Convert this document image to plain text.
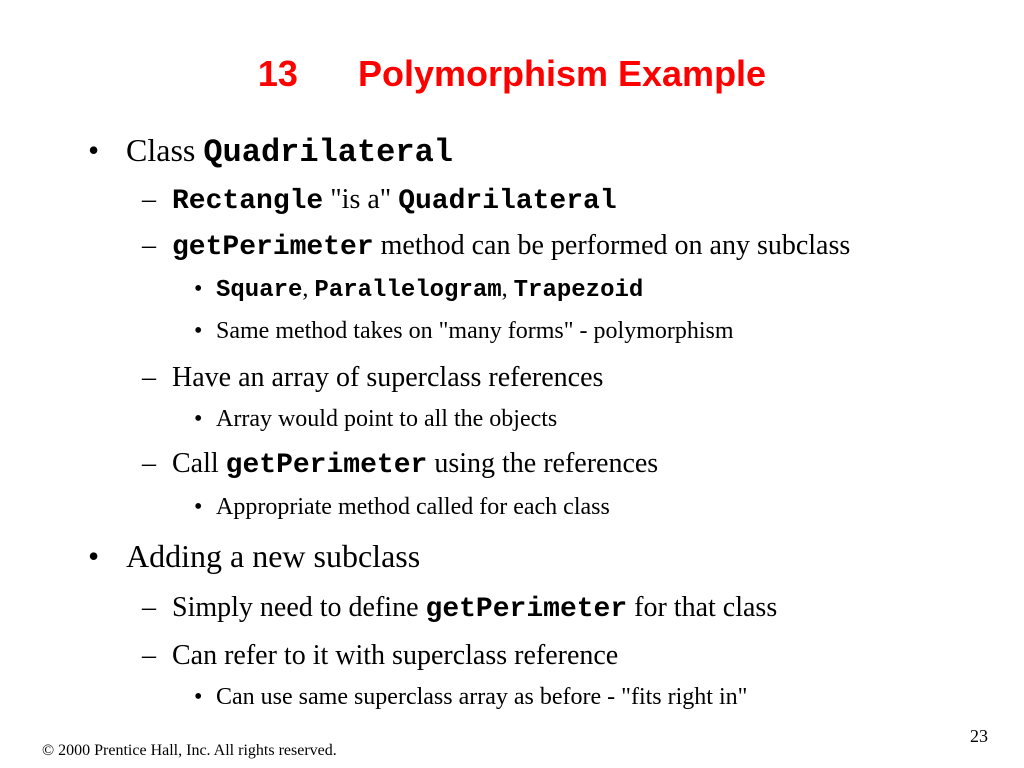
13 Polymorphism Example
• Class Quadrilateral
– Rectangle "is a" Quadrilateral
– getPerimeter method can be performed on any subclass
• Square, Parallelogram, Trapezoid
• Same method takes on "many forms" - polymorphism
– Have an array of superclass references
• Array would point to all the objects
– Call getPerimeter using the references
• Appropriate method called for each class
• Adding a new subclass
– Simply need to define getPerimeter for that class
– Can refer to it with superclass reference
• Can use same superclass array as before - "fits right in"
© 2000 Prentice Hall, Inc. All rights reserved.
23
